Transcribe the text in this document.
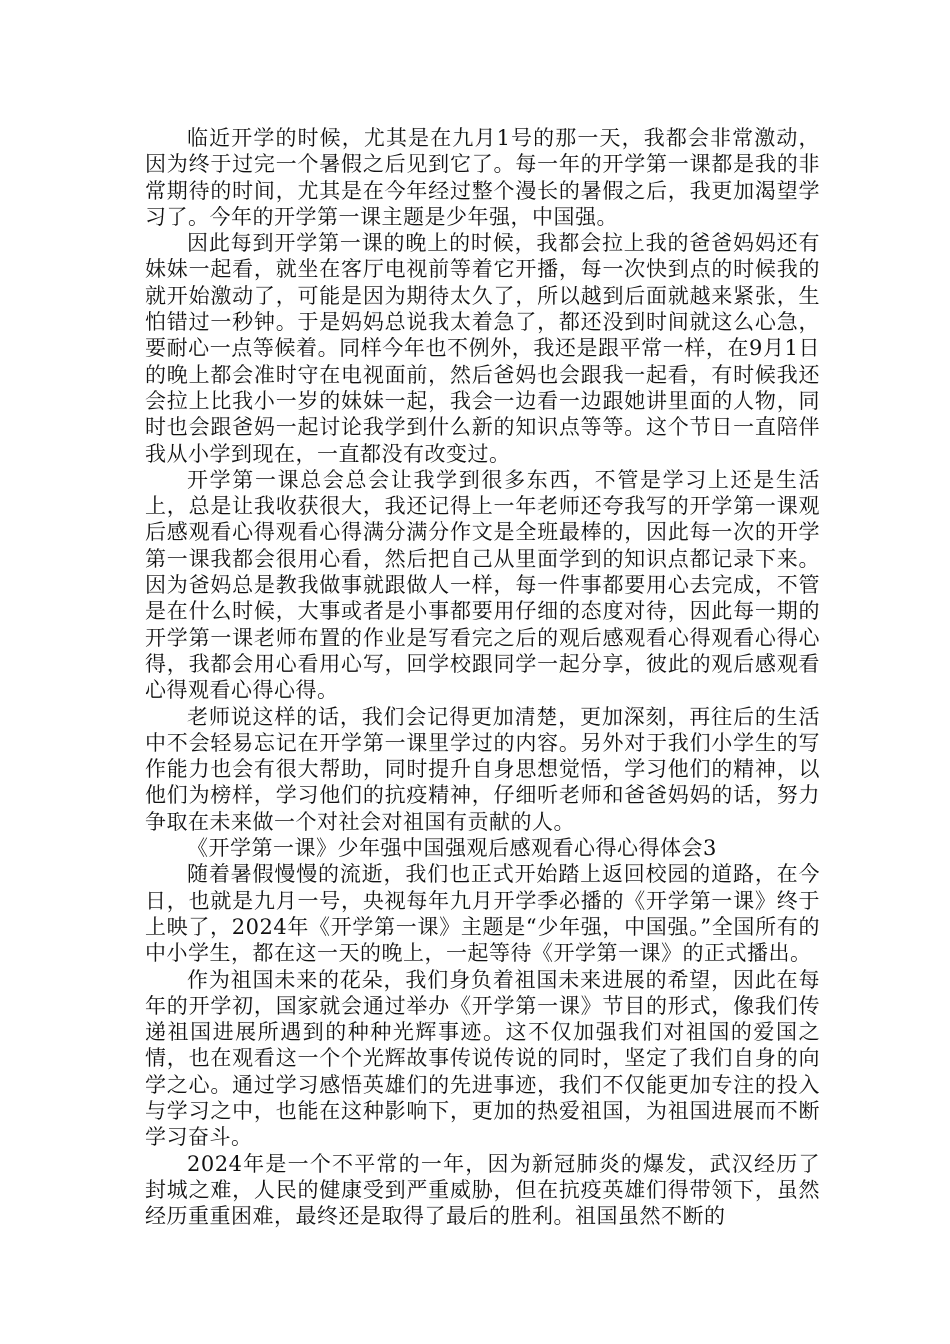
临近开学的时候，尤其是在九月1号的那一天，我都会非常激动，因为终于过完一个暑假之后见到它了。每一年的开学第一课都是我的非常期待的时间，尤其是在今年经过整个漫长的暑假之后，我更加渴望学习了。今年的开学第一课主题是少年强，中国强。

因此每到开学第一课的晚上的时候，我都会拉上我的爸爸妈妈还有妹妹一起看，就坐在客厅电视前等着它开播，每一次快到点的时候我的就开始激动了，可能是因为期待太久了，所以越到后面就越来紧张，生怕错过一秒钟。于是妈妈总说我太着急了，都还没到时间就这么心急，要耐心一点等候着。同样今年也不例外，我还是跟平常一样，在9月1日的晚上都会准时守在电视面前，然后爸妈也会跟我一起看，有时候我还会拉上比我小一岁的妹妹一起，我会一边看一边跟她讲里面的人物，同时也会跟爸妈一起讨论我学到什么新的知识点等等。这个节日一直陪伴我从小学到现在，一直都没有改变过。

开学第一课总会总会让我学到很多东西，不管是学习上还是生活上，总是让我收获很大，我还记得上一年老师还夸我写的开学第一课观后感观看心得观看心得满分满分作文是全班最棒的，因此每一次的开学第一课我都会很用心看，然后把自己从里面学到的知识点都记录下来。因为爸妈总是教我做事就跟做人一样，每一件事都要用心去完成，不管是在什么时候，大事或者是小事都要用仔细的态度对待，因此每一期的开学第一课老师布置的作业是写看完之后的观后感观看心得观看心得心得，我都会用心看用心写，回学校跟同学一起分享，彼此的观后感观看心得观看心得心得。

老师说这样的话，我们会记得更加清楚，更加深刻，再往后的生活中不会轻易忘记在开学第一课里学过的内容。另外对于我们小学生的写作能力也会有很大帮助，同时提升自身思想觉悟，学习他们的精神，以他们为榜样，学习他们的抗疫精神，仔细听老师和爸爸妈妈的话，努力争取在未来做一个对社会对祖国有贡献的人。

《开学第一课》少年强中国强观后感观看心得心得体会3

随着暑假慢慢的流逝，我们也正式开始踏上返回校园的道路，在今日，也就是九月一号，央视每年九月开学季必播的《开学第一课》终于上映了，2024年《开学第一课》主题是“少年强，中国强。”全国所有的中小学生，都在这一天的晚上，一起等待《开学第一课》的正式播出。

作为祖国未来的花朵，我们身负着祖国未来进展的希望，因此在每年的开学初，国家就会通过举办《开学第一课》节目的形式，像我们传递祖国进展所遇到的种种光辉事迹。这不仅加强我们对祖国的爱国之情，也在观看这一个个光辉故事传说传说的同时，坚定了我们自身的向学之心。通过学习感悟英雄们的先进事迹，我们不仅能更加专注的投入与学习之中，也能在这种影响下，更加的热爱祖国，为祖国进展而不断学习奋斗。

2024年是一个不平常的一年，因为新冠肺炎的爆发，武汉经历了封城之难，人民的健康受到严重威胁，但在抗疫英雄们得带领下，虽然经历重重困难，最终还是取得了最后的胜利。祖国虽然不断的
